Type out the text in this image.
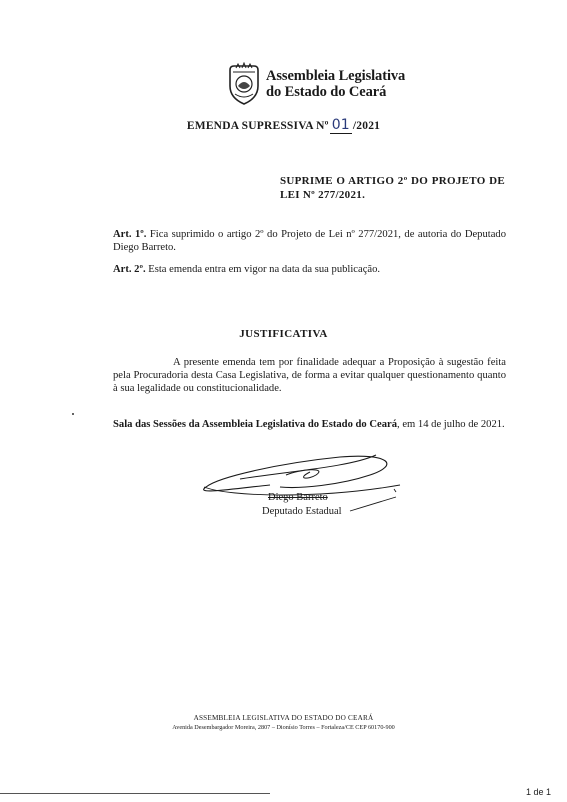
Assembleia Legislativa
do Estado do Ceará
EMENDA SUPRESSIVA Nº 01 /2021
SUPRIME O ARTIGO 2º DO PROJETO DE LEI Nº 277/2021.
Art. 1º. Fica suprimido o artigo 2º do Projeto de Lei nº 277/2021, de autoria do Deputado Diego Barreto.
Art. 2º. Esta emenda entra em vigor na data da sua publicação.
JUSTIFICATIVA
A presente emenda tem por finalidade adequar a Proposição à sugestão feita pela Procuradoria desta Casa Legislativa, de forma a evitar qualquer questionamento quanto à sua legalidade ou constitucionalidade.
Sala das Sessões da Assembleia Legislativa do Estado do Ceará, em 14 de julho de 2021.
Diego Barreto
Deputado Estadual
ASSEMBLEIA LEGISLATIVA DO ESTADO DO CEARÁ
Avenida Desembargador Moreira, 2807 – Dionísio Torres – Fortaleza/CE CEP 60170-900
1 de 1
